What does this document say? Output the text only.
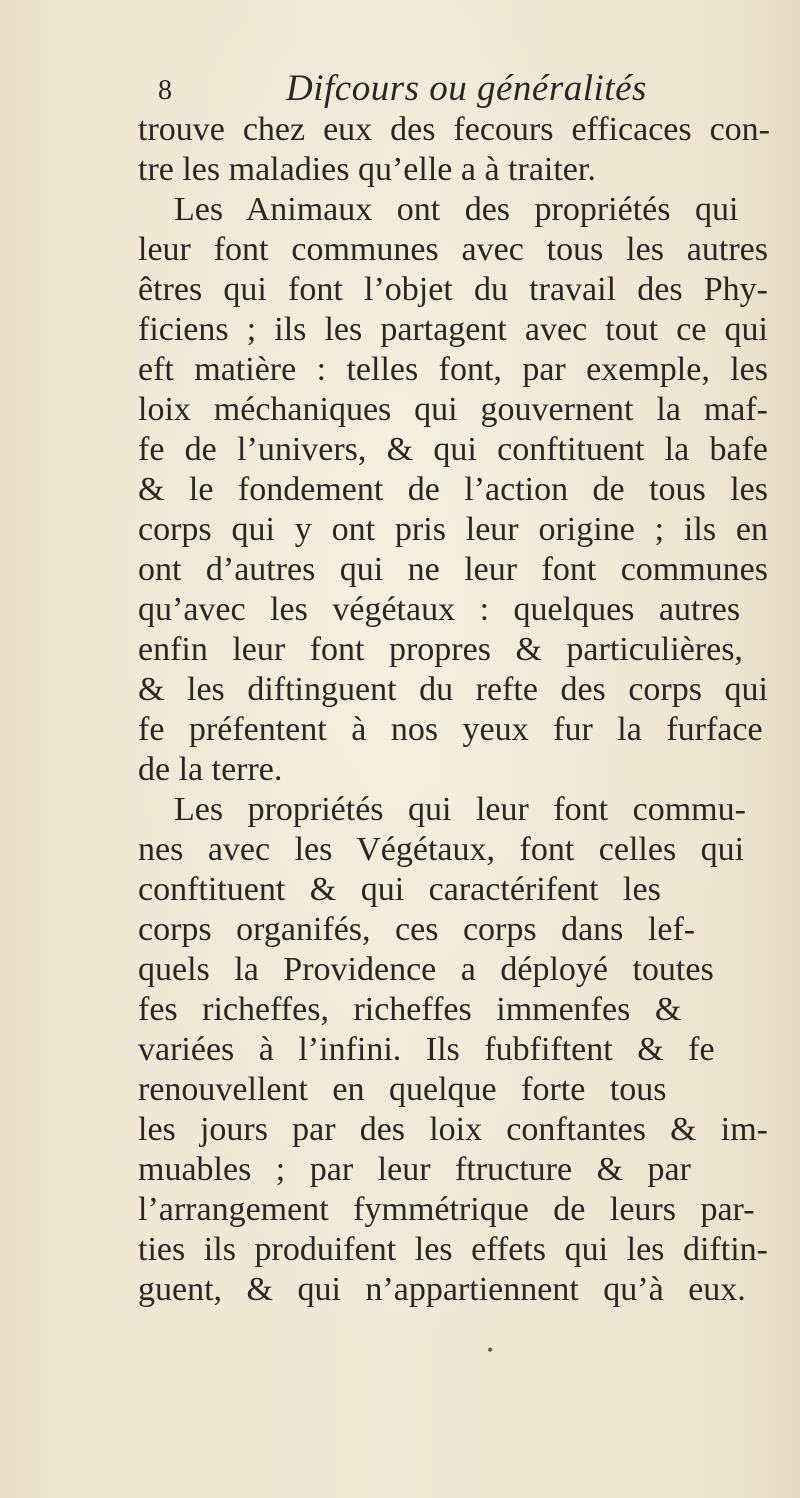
8	Difcours ou généralités
trouve chez eux des fecours efficaces con-
tre les maladies qu’elle a à traiter.
Les Animaux ont des propriétés qui
leur font communes avec tous les autres
êtres qui font l’objet du travail des Phy-
ficiens ; ils les partagent avec tout ce qui
eft matière : telles font, par exemple, les
loix méchaniques qui gouvernent la maf-
fe de l’univers, & qui conftituent la bafe
& le fondement de l’action de tous les
corps qui y ont pris leur origine ; ils en
ont d’autres qui ne leur font communes
qu’avec les végétaux : quelques autres
enfin leur font propres & particulières,
& les diftinguent du refte des corps qui
fe préfentent à nos yeux fur la furface
de la terre.
Les propriétés qui leur font commu-
nes avec les Végétaux, font celles qui
conftituent & qui caractérifent les
corps organifés, ces corps dans lef-
quels la Providence a déployé toutes
fes richeffes, richeffes immenfes &
variées à l’infini. Ils fubfiftent & fe
renouvellent en quelque forte tous
les jours par des loix conftantes & im-
muables ; par leur ftructure & par
l’arrangement fymmétrique de leurs par-
ties ils produifent les effets qui les diftin-
guent, & qui n’appartiennent qu’à eux.
•
